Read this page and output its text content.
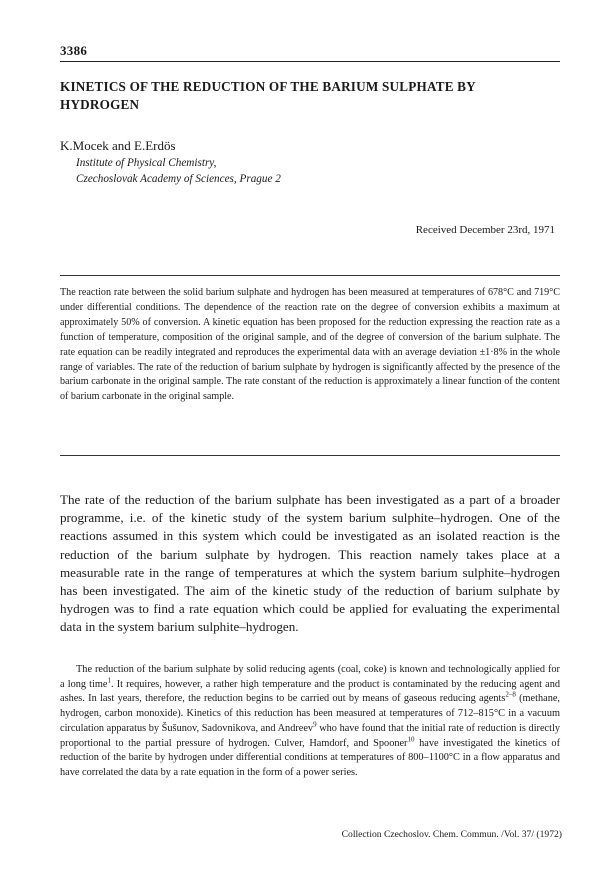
3386
KINETICS OF THE REDUCTION OF THE BARIUM SULPHATE BY HYDROGEN
K.Mocek and E.Erdös
Institute of Physical Chemistry,
Czechoslovak Academy of Sciences, Prague 2
Received December 23rd, 1971
The reaction rate between the solid barium sulphate and hydrogen has been measured at temperatures of 678°C and 719°C under differential conditions. The dependence of the reaction rate on the degree of conversion exhibits a maximum at approximately 50% of conversion. A kinetic equation has been proposed for the reduction expressing the reaction rate as a function of temperature, composition of the original sample, and of the degree of conversion of the barium sulphate. The rate equation can be readily integrated and reproduces the experimental data with an average deviation ±1·8% in the whole range of variables. The rate of the reduction of barium sulphate by hydrogen is significantly affected by the presence of the barium carbonate in the original sample. The rate constant of the reduction is approximately a linear function of the content of barium carbonate in the original sample.
The rate of the reduction of the barium sulphate has been investigated as a part of a broader programme, i.e. of the kinetic study of the system barium sulphite–hydrogen. One of the reactions assumed in this system which could be investigated as an isolated reaction is the reduction of the barium sulphate by hydrogen. This reaction namely takes place at a measurable rate in the range of temperatures at which the system barium sulphite–hydrogen has been investigated. The aim of the kinetic study of the reduction of barium sulphate by hydrogen was to find a rate equation which could be applied for evaluating the experimental data in the system barium sulphite–hydrogen.
The reduction of the barium sulphate by solid reducing agents (coal, coke) is known and technologically applied for a long time$^1$. It requires, however, a rather high temperature and the product is contaminated by the reducing agent and ashes. In last years, therefore, the reduction begins to be carried out by means of gaseous reducing agents$^{2-8}$ (methane, hydrogen, carbon monoxide). Kinetics of this reduction has been measured at temperatures of 712–815°C in a vacuum circulation apparatus by Šušunov, Sadovnikova, and Andreev$^9$ who have found that the initial rate of reduction is directly proportional to the partial pressure of hydrogen. Culver, Hamdorf, and Spooner$^{10}$ have investigated the kinetics of reduction of the barite by hydrogen under differential conditions at temperatures of 800–1100°C in a flow apparatus and have correlated the data by a rate equation in the form of a power series.
Collection Czechoslov. Chem. Commun. /Vol. 37/ (1972)
